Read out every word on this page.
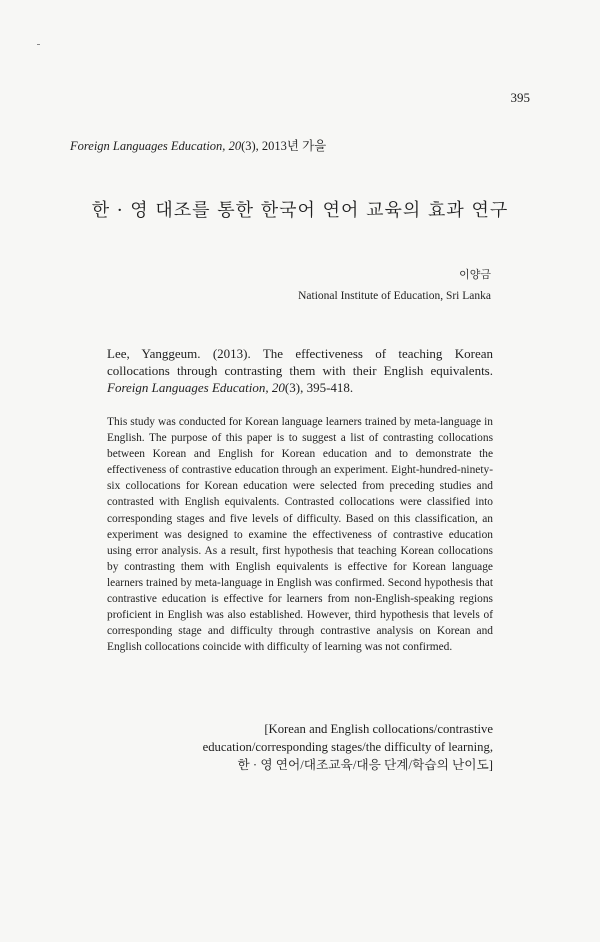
395
Foreign Languages Education, 20(3), 2013년 가을
한 · 영 대조를 통한 한국어 연어 교육의 효과 연구
이양금
National Institute of Education, Sri Lanka
Lee, Yanggeum. (2013). The effectiveness of teaching Korean collocations through contrasting them with their English equivalents. Foreign Languages Education, 20(3), 395-418.

This study was conducted for Korean language learners trained by meta-language in English. The purpose of this paper is to suggest a list of contrasting collocations between Korean and English for Korean education and to demonstrate the effectiveness of contrastive education through an experiment. Eight-hundred-ninety-six collocations for Korean education were selected from preceding studies and contrasted with English equivalents. Contrasted collocations were classified into corresponding stages and five levels of difficulty. Based on this classification, an experiment was designed to examine the effectiveness of contrastive education using error analysis. As a result, first hypothesis that teaching Korean collocations by contrasting them with English equivalents is effective for Korean language learners trained by meta-language in English was confirmed. Second hypothesis that contrastive education is effective for learners from non-English-speaking regions proficient in English was also established. However, third hypothesis that levels of corresponding stage and difficulty through contrastive analysis on Korean and English collocations coincide with difficulty of learning was not confirmed.

[Korean and English collocations/contrastive
education/corresponding stages/the difficulty of learning,
한 · 영 연어/대조교육/대응 단계/학습의 난이도]
